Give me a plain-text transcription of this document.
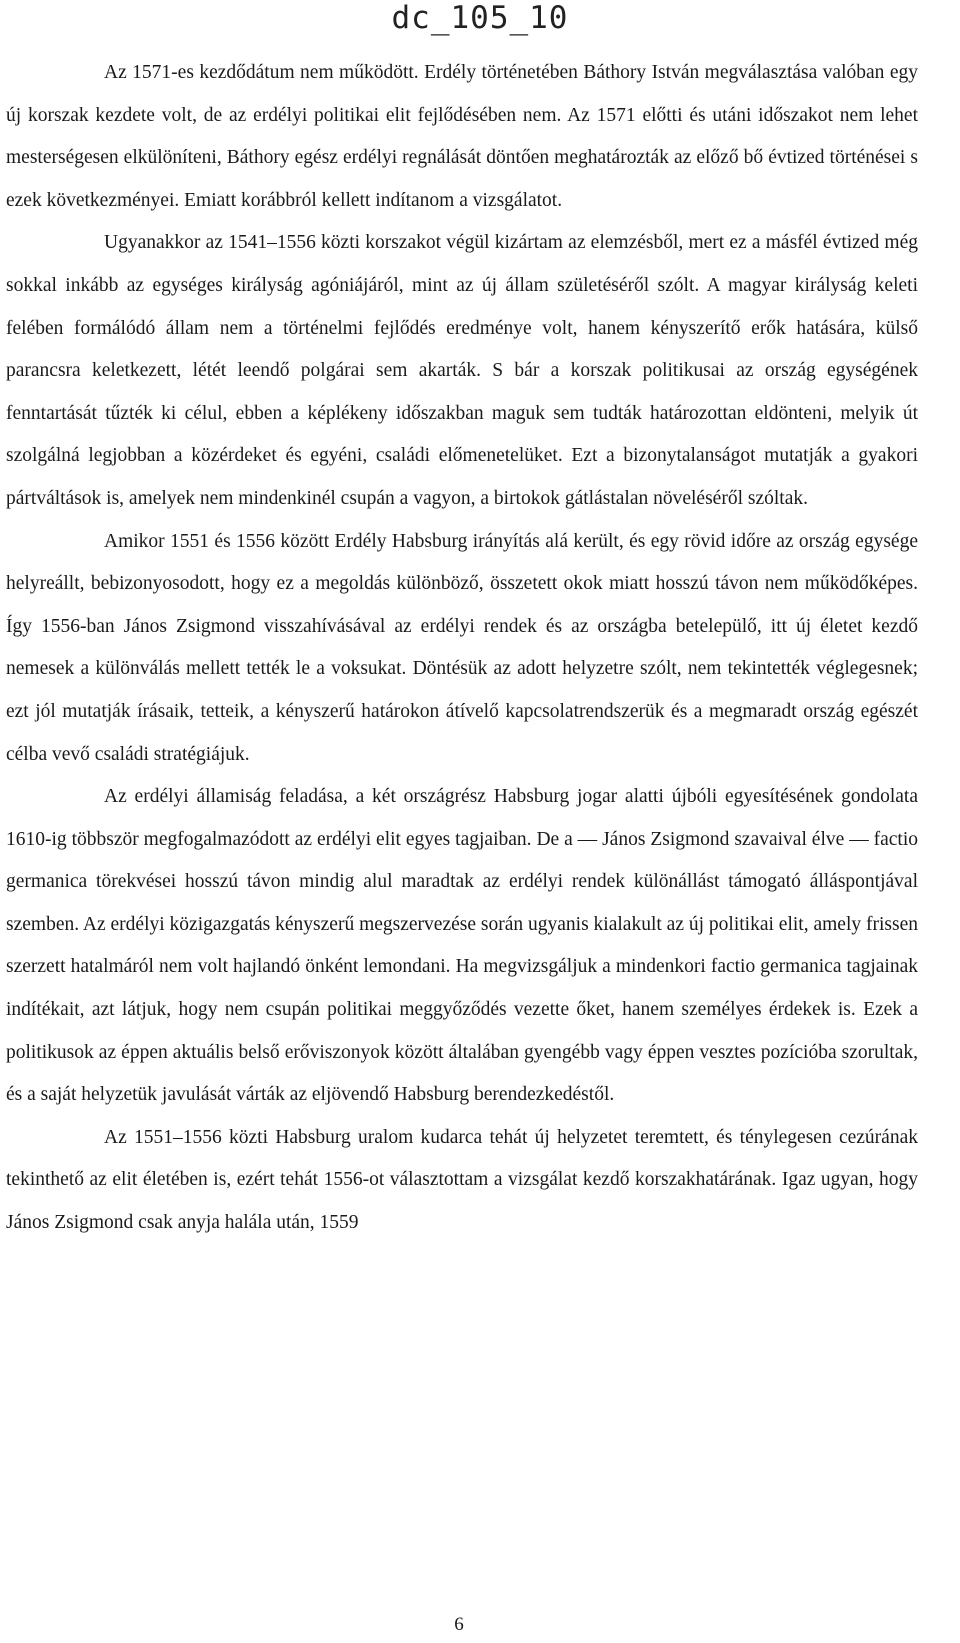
dc_105_10

Az 1571-es kezdődátum nem működött. Erdély történetében Báthory István megválasztása valóban egy új korszak kezdete volt, de az erdélyi politikai elit fejlődésében nem. Az 1571 előtti és utáni időszakot nem lehet mesterségesen elkülöníteni, Báthory egész erdélyi regnálását döntően meghatározták az előző bő évtized történései s ezek következményei. Emiatt korábbról kellett indítanom a vizsgálatot.

Ugyanakkor az 1541–1556 közti korszakot végül kizártam az elemzésből, mert ez a másfél évtized még sokkal inkább az egységes királyság agóniájáról, mint az új állam születéséről szólt. A magyar királyság keleti felében formálódó állam nem a történelmi fejlődés eredménye volt, hanem kényszerítő erők hatására, külső parancsra keletkezett, létét leendő polgárai sem akarták. S bár a korszak politikusai az ország egységének fenntartását tűzték ki célul, ebben a képlékeny időszakban maguk sem tudták határozottan eldönteni, melyik út szolgálná legjobban a közérdeket és egyéni, családi előmenetelüket. Ezt a bizonytalanságot mutatják a gyakori pártváltások is, amelyek nem mindenkinél csupán a vagyon, a birtokok gátlástalan növeléséről szóltak.

Amikor 1551 és 1556 között Erdély Habsburg irányítás alá került, és egy rövid időre az ország egysége helyreállt, bebizonyosodott, hogy ez a megoldás különböző, összetett okok miatt hosszú távon nem működőképes. Így 1556-ban János Zsigmond visszahívásával az erdélyi rendek és az országba betelepülő, itt új életet kezdő nemesek a különválás mellett tették le a voksukat. Döntésük az adott helyzetre szólt, nem tekintették véglegesnek; ezt jól mutatják írásaik, tetteik, a kényszerű határokon átívelő kapcsolatrendszerük és a megmaradt ország egészét célba vevő családi stratégiájuk.

Az erdélyi államiság feladása, a két országrész Habsburg jogar alatti újbóli egyesítésének gondolata 1610-ig többször megfogalmazódott az erdélyi elit egyes tagjaiban. De a — János Zsigmond szavaival élve — factio germanica törekvései hosszú távon mindig alul maradtak az erdélyi rendek különállást támogató álláspontjával szemben. Az erdélyi közigazgatás kényszerű megszervezése során ugyanis kialakult az új politikai elit, amely frissen szerzett hatalmáról nem volt hajlandó önként lemondani. Ha megvizsgáljuk a mindenkori factio germanica tagjainak indítékait, azt látjuk, hogy nem csupán politikai meggyőződés vezette őket, hanem személyes érdekek is. Ezek a politikusok az éppen aktuális belső erőviszonyok között általában gyengébb vagy éppen vesztes pozícióba szorultak, és a saját helyzetük javulását várták az eljövendő Habsburg berendezkedéstől.

Az 1551–1556 közti Habsburg uralom kudarca tehát új helyzetet teremtett, és ténylegesen cezúrának tekinthető az elit életében is, ezért tehát 1556-ot választottam a vizsgálat kezdő korszakhatárának. Igaz ugyan, hogy János Zsigmond csak anyja halála után, 1559

6
